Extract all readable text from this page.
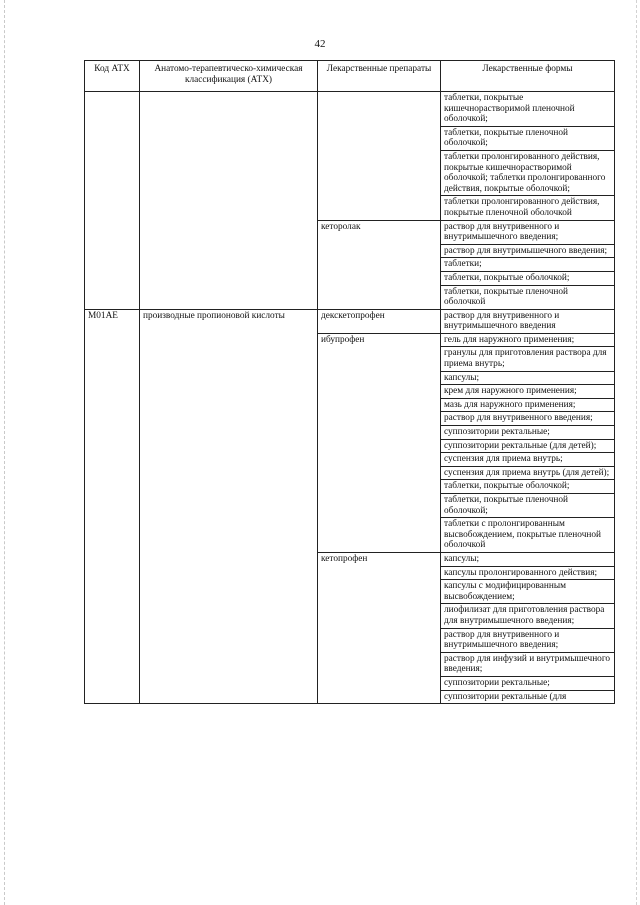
42
Код АТХ	Анатомо-терапевтическо-химическая классификация (АТХ)	Лекарственные препараты	Лекарственные формы
			таблетки, покрытые кишечнорастворимой пленочной оболочкой;
			таблетки, покрытые пленочной оболочкой;
			таблетки пролонгированного действия, покрытые кишечнорастворимой оболочкой; таблетки пролонгированного действия, покрытые оболочкой;
			таблетки пролонгированного действия, покрытые пленочной оболочкой
		кеторолак	раствор для внутривенного и внутримышечного введения;
			раствор для внутримышечного введения;
			таблетки;
			таблетки, покрытые оболочкой;
			таблетки, покрытые пленочной оболочкой
M01AE	производные пропионовой кислоты	декскетопрофен	раствор для внутривенного и внутримышечного введения
		ибупрофен	гель для наружного применения;
			гранулы для приготовления раствора для приема внутрь;
			капсулы;
			крем для наружного применения;
			мазь для наружного применения;
			раствор для внутривенного введения;
			суппозитории ректальные;
			суппозитории ректальные (для детей);
			суспензия для приема внутрь;
			суспензия для приема внутрь (для детей);
			таблетки, покрытые оболочкой;
			таблетки, покрытые пленочной оболочкой;
			таблетки с пролонгированным высвобождением, покрытые пленочной оболочкой
		кетопрофен	капсулы;
			капсулы пролонгированного действия;
			капсулы с модифицированным высвобождением;
			лиофилизат для приготовления раствора для внутримышечного введения;
			раствор для внутривенного и внутримышечного введения;
			раствор для инфузий и внутримышечного введения;
			суппозитории ректальные;
			суппозитории ректальные (для
